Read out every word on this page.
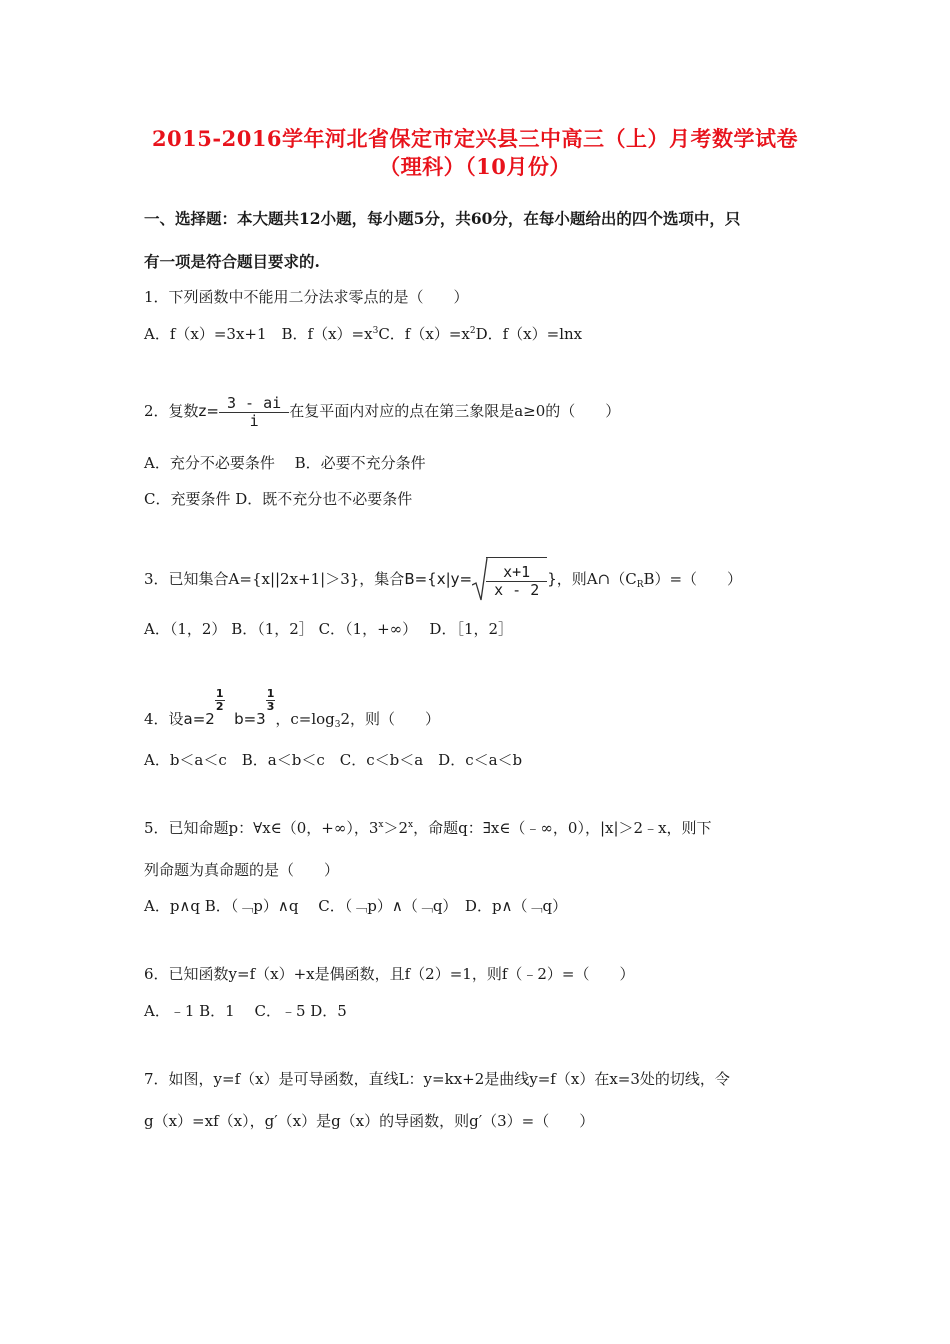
2015-2016学年河北省保定市定兴县三中高三（上）月考数学试卷
（理科）（10月份）
一、选择题：本大题共12小题，每小题5分，共60分，在每小题给出的四个选项中，只
有一项是符合题目要求的.
1．下列函数中不能用二分法求零点的是（　　）
A．f（x）=3x+1　B．$f(x)=x^3C$．$f(x)=x^2D$．f（x）=lnx
2．复数$z= \frac{3 - ai}{i}$ 在复平面内对应的点在第三象限是a≥0的（　　）
A．充分不必要条件　 B．必要不充分条件
C．充要条件 D．既不充分也不必要条件
3．已知集合A={x||2x+1|＞3}，集合$B=\{x|y= \frac{x+1}{x - 2}$ }，则$A\cap(C_RB)=$（　　）
A．（1，2） B．（1，2］ C．（1，+∞）　 D．［1，2］
4．设a=2
$\frac{1}{2}$
b=3
$\frac{1}{3}$
，$c=\log_32$，则（　　）
A．b＜a＜c　B．a＜b＜c　C．c＜b＜a　D．c＜a＜b
5．已知命题p：∀x∈（0，+∞），$3^x>2^x$，命题q：∃x∈（﹣∞，0），|x|＞2﹣x，则下
列命题为真命题的是（　　）
A．p∧q B．（﹁p）∧q　 C．（﹁p）∧（﹁q）　D．p∧（﹁q）
6．已知函数y=f（x）+x是偶函数，且f（2）=1，则f（﹣2）=（　　）
A．﹣1 B．1　 C．﹣5 D．5
7．如图，y=f（x）是可导函数，直线L：y=kx+2是曲线y=f（x）在x=3处的切线，令
g（x）=xf（x），g′（x）是g（x）的导函数，则g′（3）=（　　）
